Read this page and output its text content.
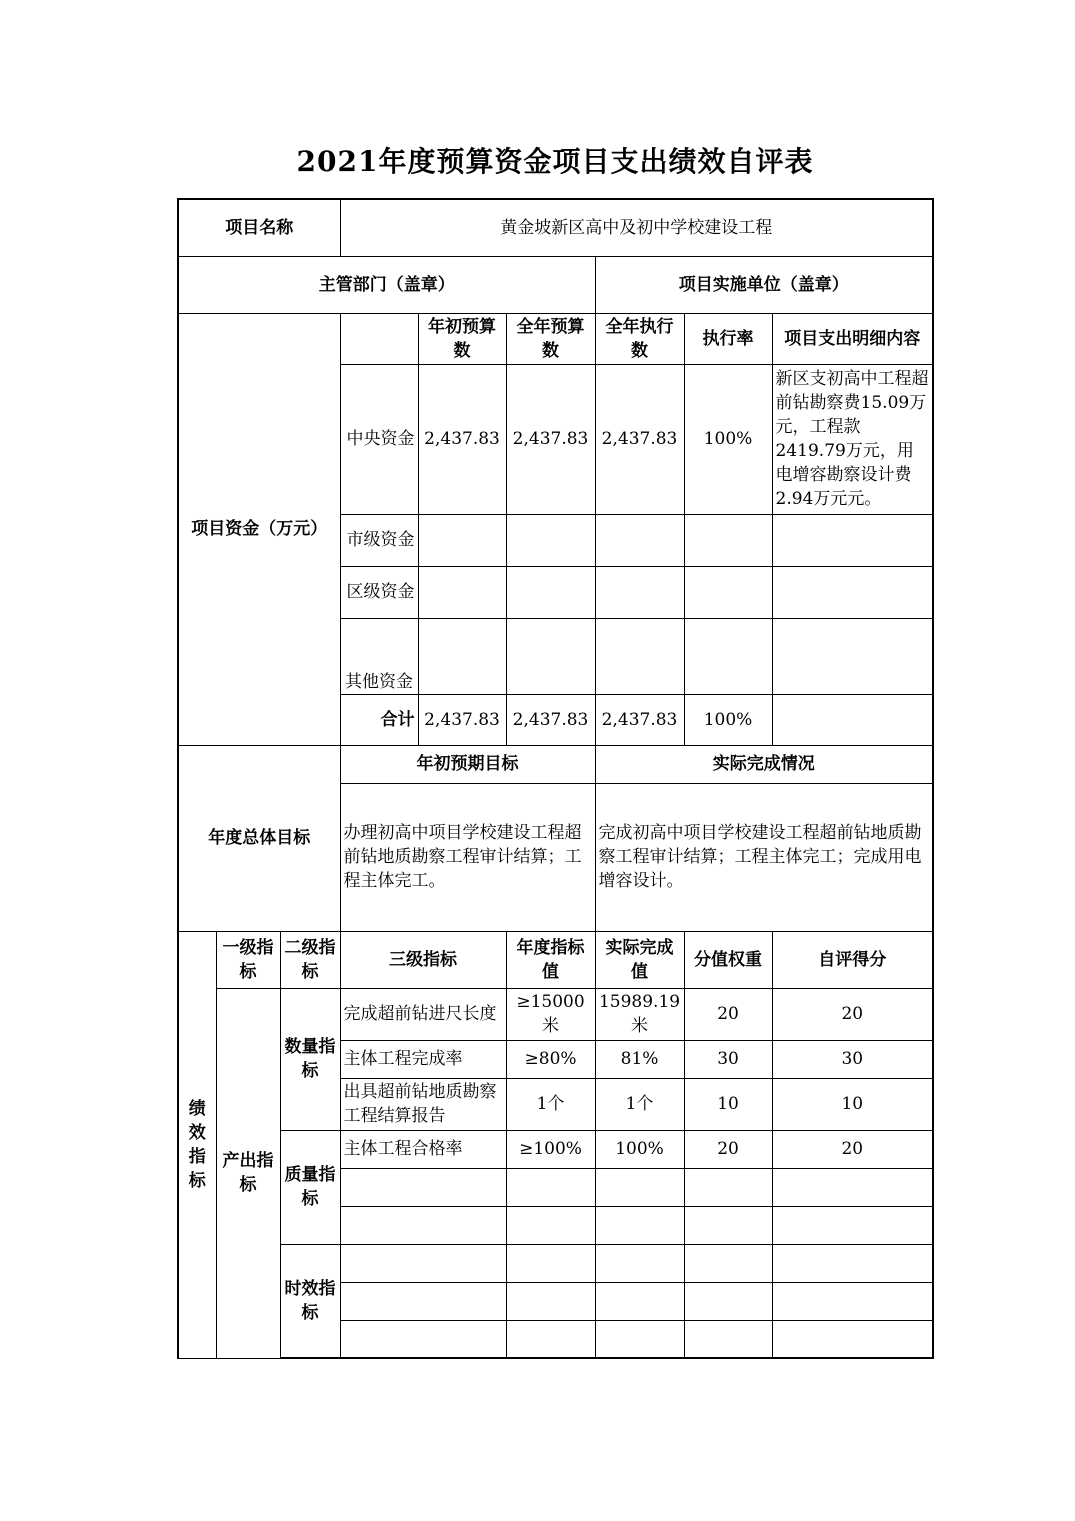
2021年度预算资金项目支出绩效自评表
项目名称			黄金坡新区高中及初中学校建设工程					
主管部门（盖章）						项目实施单位（盖章）		
项目资金（万元）				年初预算数	全年预算数	全年执行数	执行率	项目支出明细内容
			中央资金	2,437.83	2,437.83	2,437.83	100%	新区支初高中工程超前钻勘察费15.09万元，工程款2419.79万元，用电增容勘察设计费2.94万元元。
			市级资金					
			区级资金					
			其他资金					
			合计	2,437.83	2,437.83	2,437.83	100%	
年度总体目标			年初预期目标			实际完成情况		
			办理初高中项目学校建设工程超前钻地质勘察工程审计结算；工程主体完工。			完成初高中项目学校建设工程超前钻地质勘察工程审计结算；工程主体完工；完成用电增容设计。		
绩效指标	一级指标	二级指标	三级指标		年度指标值	实际完成值	分值权重	自评得分
	产出指标	数量指标	完成超前钻进尺长度		≥15000米	15989.19米	20	20
			主体工程完成率		≥80%	81%	30	30
			出具超前钻地质勘察工程结算报告		1个	1个	10	10
		质量指标	主体工程合格率		≥100%	100%	20	20

		时效指标						
